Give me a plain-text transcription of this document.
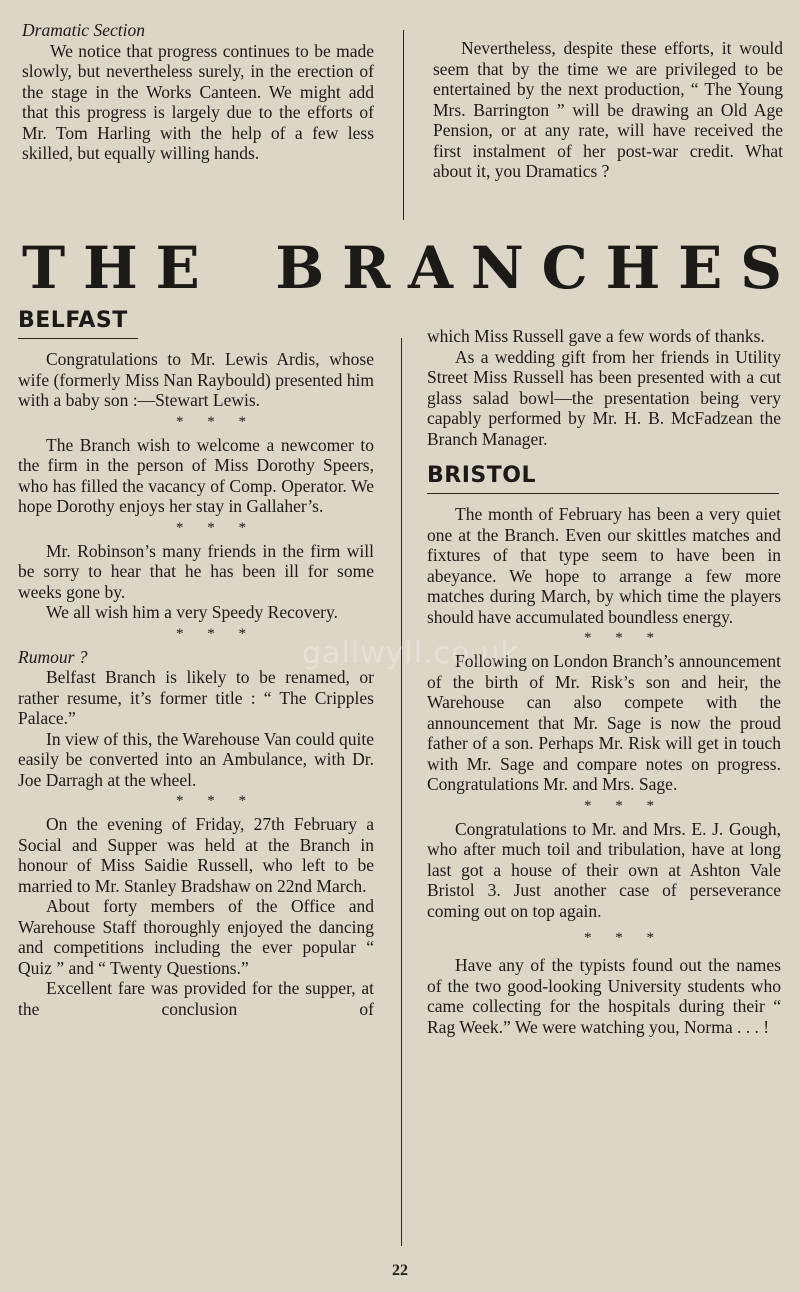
Dramatic Section

We notice that progress continues to be made slowly, but nevertheless surely, in the erection of the stage in the Works Canteen. We might add that this progress is largely due to the efforts of Mr. Tom Harling with the help of a few less skilled, but equally willing hands.

Nevertheless, despite these efforts, it would seem that by the time we are privileged to be entertained by the next production, “ The Young Mrs. Barrington ” will be drawing an Old Age Pension, or at any rate, will have received the first instalment of her post-war credit. What about it, you Dramatics ?

T H E B R A N C H E S
BELFAST

Congratulations to Mr. Lewis Ardis, whose wife (formerly Miss Nan Raybould) presented him with a baby son :—Stewart Lewis.

* * *

The Branch wish to welcome a newcomer to the firm in the person of Miss Dorothy Speers, who has filled the vacancy of Comp. Operator. We hope Dorothy enjoys her stay in Gallaher’s.

* * *

Mr. Robinson’s many friends in the firm will be sorry to hear that he has been ill for some weeks gone by.

We all wish him a very Speedy Recovery.

* * *

Rumour ?

Belfast Branch is likely to be renamed, or rather resume, it’s former title : “ The Cripples Palace.”

In view of this, the Warehouse Van could quite easily be converted into an Ambulance, with Dr. Joe Darragh at the wheel.

* * *

On the evening of Friday, 27th February a Social and Supper was held at the Branch in honour of Miss Saidie Russell, who left to be married to Mr. Stanley Bradshaw on 22nd March.

About forty members of the Office and Warehouse Staff thoroughly enjoyed the dancing and competitions including the ever popular “ Quiz ” and “ Twenty Questions.”

Excellent fare was provided for the supper, at the conclusion of

which Miss Russell gave a few words of thanks.

As a wedding gift from her friends in Utility Street Miss Russell has been presented with a cut glass salad bowl—the presentation being very capably performed by Mr. H. B. McFadzean the Branch Manager.

BRISTOL

The month of February has been a very quiet one at the Branch. Even our skittles matches and fixtures of that type seem to have been in abeyance. We hope to arrange a few more matches during March, by which time the players should have accumulated boundless energy.

* * *

Following on London Branch’s announcement of the birth of Mr. Risk’s son and heir, the Warehouse can also compete with the announcement that Mr. Sage is now the proud father of a son. Perhaps Mr. Risk will get in touch with Mr. Sage and compare notes on progress. Congratulations Mr. and Mrs. Sage.

* * *

Congratulations to Mr. and Mrs. E. J. Gough, who after much toil and tribulation, have at long last got a house of their own at Ashton Vale Bristol 3. Just another case of perseverance coming out on top again.

* * *

Have any of the typists found out the names of the two good-looking University students who came collecting for the hospitals during their “ Rag Week.” We were watching you, Norma . . . !

gallwyll.co.uk
22
